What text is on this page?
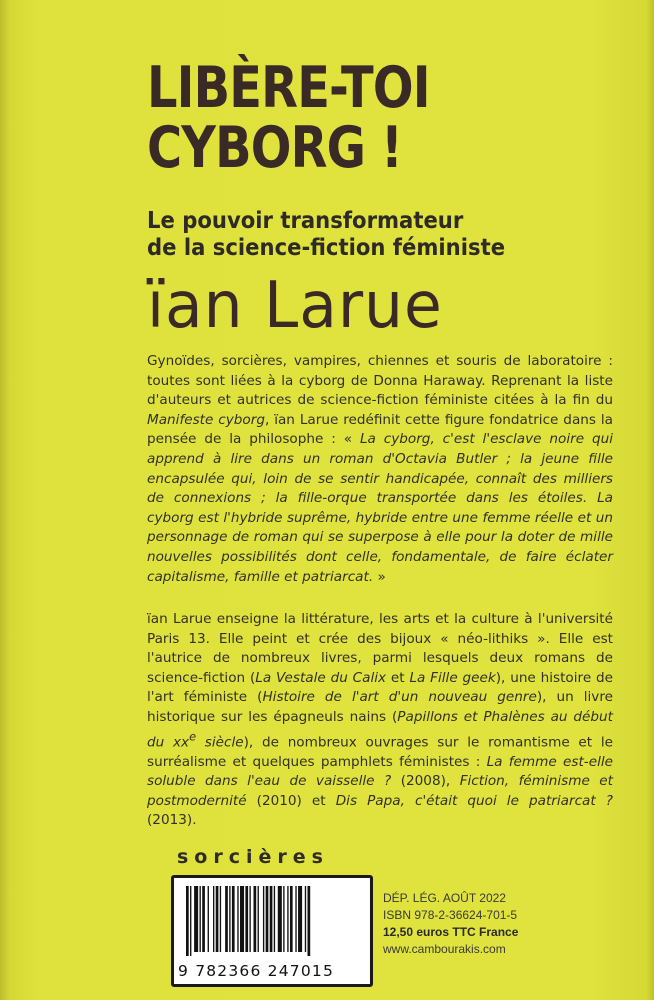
LIBÈRE-TOI
CYBORG !
Le pouvoir transformateur
de la science-fiction féministe
ïan Larue

Gynoïdes, sorcières, vampires, chiennes et souris de laboratoire : toutes sont liées à la cyborg de Donna Haraway. Reprenant la liste d'auteurs et autrices de science-fiction féministe citées à la fin du Manifeste cyborg, ïan Larue redéfinit cette figure fondatrice dans la pensée de la philosophe : « La cyborg, c'est l'esclave noire qui apprend à lire dans un roman d'Octavia Butler ; la jeune fille encapsulée qui, loin de se sentir handicapée, connaît des milliers de connexions ; la fille-orque transportée dans les étoiles. La cyborg est l'hybride suprême, hybride entre une femme réelle et un personnage de roman qui se superpose à elle pour la doter de mille nouvelles possibilités dont celle, fondamentale, de faire éclater capitalisme, famille et patriarcat. »

ïan Larue enseigne la littérature, les arts et la culture à l'université Paris 13. Elle peint et crée des bijoux « néo-lithiks ». Elle est l'autrice de nombreux livres, parmi lesquels deux romans de science-fiction (La Vestale du Calix et La Fille geek), une histoire de l'art féministe (Histoire de l'art d'un nouveau genre), un livre historique sur les épagneuls nains (Papillons et Phalènes au début du $xx^e$ siècle), de nombreux ouvrages sur le romantisme et le surréalisme et quelques pamphlets féministes : La femme est-elle soluble dans l'eau de vaisselle ? (2008), Fiction, féminisme et postmodernité (2010) et Dis Papa, c'était quoi le patriarcat ? (2013).

sorcières
9 782366 247015
DÉP. LÉG. AOÛT 2022
ISBN 978-2-36624-701-5
12,50 euros TTC France
www.cambourakis.com
